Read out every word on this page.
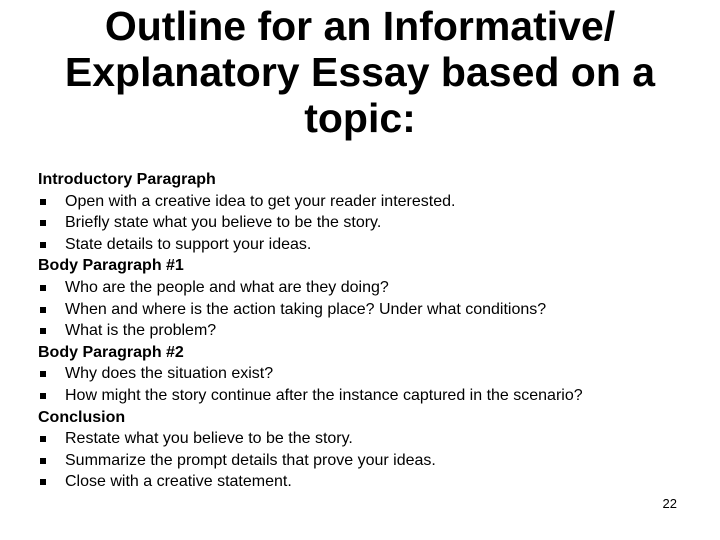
Outline for an Informative/ Explanatory Essay based on a topic:

Introductory Paragraph

Open with a creative idea to get your reader interested.
Briefly state what you believe to be the story.
State details to support your ideas.

Body Paragraph #1

Who are the people and what are they doing?
When and where is the action taking place? Under what conditions?
What is the problem?

Body Paragraph #2

Why does the situation exist?
How might the story continue after the instance captured in the scenario?

Conclusion

Restate what you believe to be the story.
Summarize the prompt details that prove your ideas.
Close with a creative statement.
22
